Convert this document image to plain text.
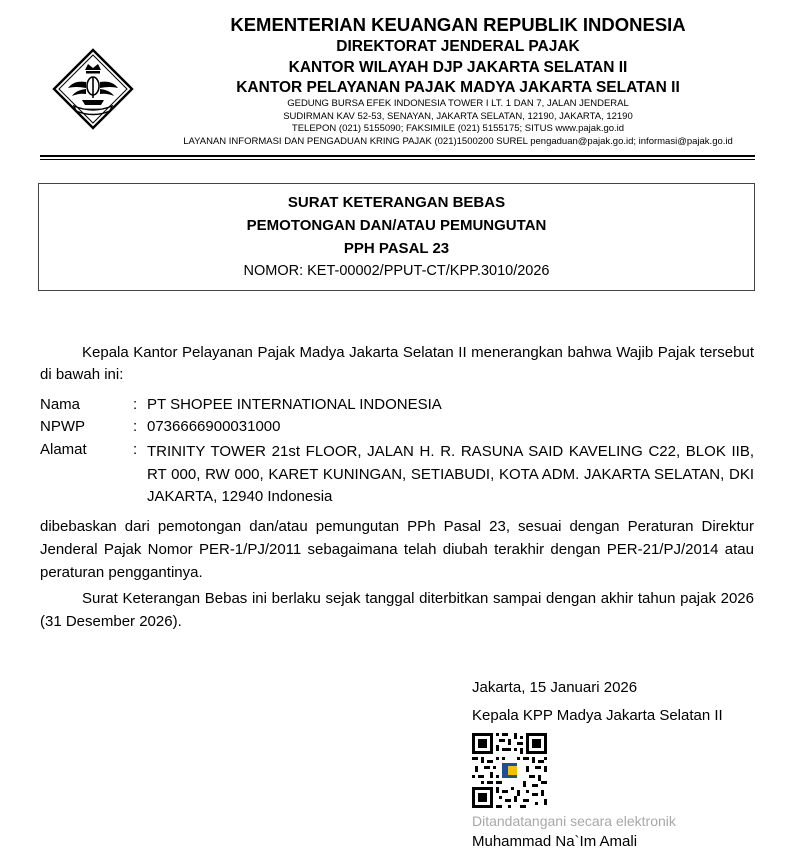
KEMENTERIAN KEUANGAN REPUBLIK INDONESIA
DIREKTORAT JENDERAL PAJAK
KANTOR WILAYAH DJP JAKARTA SELATAN II
KANTOR PELAYANAN PAJAK MADYA JAKARTA SELATAN II
GEDUNG BURSA EFEK INDONESIA TOWER I LT. 1 DAN 7, JALAN JENDERAL
SUDIRMAN KAV 52-53, SENAYAN, JAKARTA SELATAN, 12190, JAKARTA, 12190
TELEPON (021) 5155090; FAKSIMILE (021) 5155175; SITUS www.pajak.go.id
LAYANAN INFORMASI DAN PENGADUAN KRING PAJAK (021)1500200 SUREL pengaduan@pajak.go.id; informasi@pajak.go.id
SURAT KETERANGAN BEBAS
PEMOTONGAN DAN/ATAU PEMUNGUTAN
PPH PASAL 23
NOMOR: KET-00002/PPUT-CT/KPP.3010/2026
Kepala Kantor Pelayanan Pajak Madya Jakarta Selatan II menerangkan bahwa Wajib Pajak tersebut di bawah ini:
Nama	: PT SHOPEE INTERNATIONAL INDONESIA
NPWP	: 0736666900031000
Alamat	: TRINITY TOWER 21st FLOOR, JALAN H. R. RASUNA SAID KAVELING C22, BLOK IIB, RT 000, RW 000, KARET KUNINGAN, SETIABUDI, KOTA ADM. JAKARTA SELATAN, DKI JAKARTA, 12940 Indonesia
dibebaskan dari pemotongan dan/atau pemungutan PPh Pasal 23, sesuai dengan Peraturan Direktur Jenderal Pajak Nomor PER-1/PJ/2011 sebagaimana telah diubah terakhir dengan PER-21/PJ/2014 atau peraturan penggantinya.
Surat Keterangan Bebas ini berlaku sejak tanggal diterbitkan sampai dengan akhir tahun pajak 2026 (31 Desember 2026).
Jakarta, 15 Januari 2026
Kepala KPP Madya Jakarta Selatan II
Ditandatangani secara elektronik
Muhammad Na`Im Amali
